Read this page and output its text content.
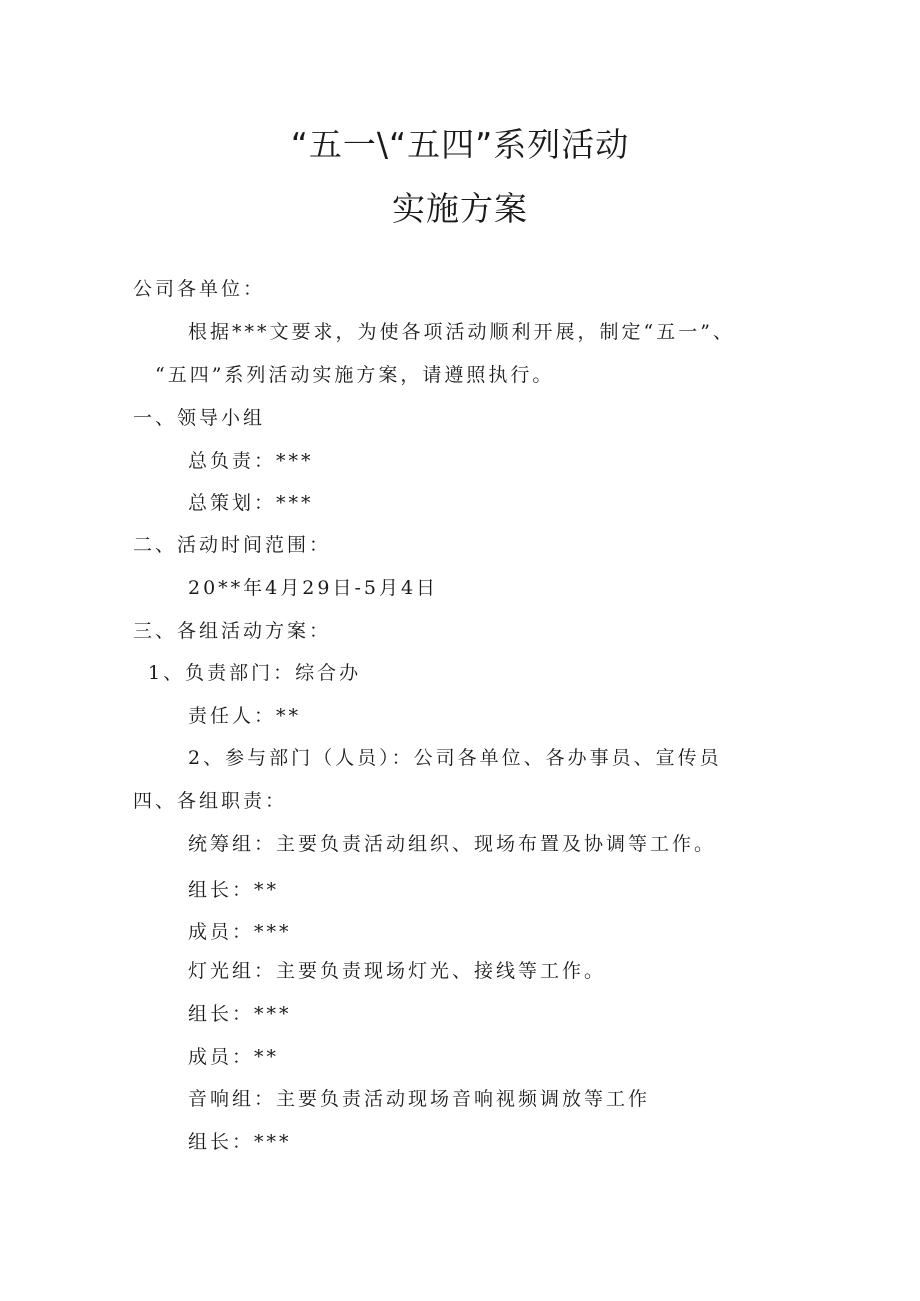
“五一\“五四”系列活动
实施方案

公司各单位：

根据***文要求，为使各项活动顺利开展，制定“五一”、

“五四”系列活动实施方案，请遵照执行。

一、领导小组

总负责：***

总策划：***

二、活动时间范围：

20**年4月29日-5月4日

三、各组活动方案：

1、负责部门：综合办

责任人：**

2、参与部门（人员）：公司各单位、各办事员、宣传员

四、各组职责：

统筹组：主要负责活动组织、现场布置及协调等工作。

组长：**

成员：***

灯光组：主要负责现场灯光、接线等工作。

组长：***

成员：**

音响组：主要负责活动现场音响视频调放等工作

组长：***
